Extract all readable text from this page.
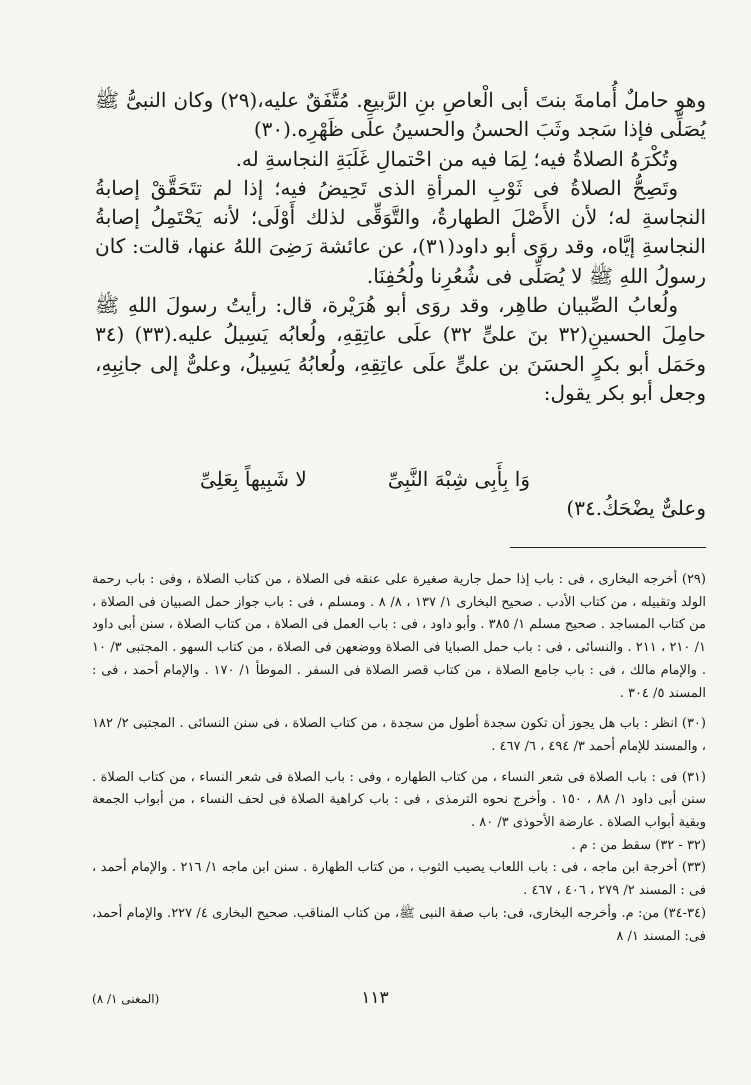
وهو حاملٌ أُمامةَ بنتَ أبى الْعاصِ بنِ الرَّبيعِ. مُتَّفَقٌ عليه،(٢٩) وكان النبىُّ ﷺ يُصَلِّى فإذا سَجد وثَبَ الحسنُ والحسينُ علَى ظَهْرِه.(٣٠)

وتُكْرَهُ الصلاةُ فيه؛ لِمَا فيه من احْتمالِ غَلَبَةِ النجاسةِ له.

وتَصِحُّ الصلاةُ فى ثَوْبِ المرأةِ الذى تَحِيضُ فيه؛ إذا لم تتَحَقَّقْ إصابةُ النجاسةِ له؛ لأن الأَصْلَ الطهارةُ، والتَّوَقِّى لذلك أَوْلَى؛ لأنه يَحْتَمِلُ إصابةُ النجاسةِ إيَّاه، وقد روَى أبو داود(٣١)، عن عائشة رَضِىَ اللهُ عنها، قالت: كان رسولُ اللهِ ﷺ لا يُصَلِّى فى شُعُرِنا ولُحُفِنَا.

ولُعابُ الصِّبيان طاهِر، وقد روَى أبو هُرَيْرة، قال: رأيتُ رسولَ اللهِ ﷺ حامِلَ الحسينِ(٣٢ بنَ علىٍّ ٣٢) علَى عاتِقِهِ، ولُعابُه يَسِيلُ عليه.(٣٣) (٣٤ وحَمَل أبو بكرٍ الحسَنَ بن علىٍّ علَى عاتِقِهِ، ولُعابُهُ يَسِيلُ، وعلىٌّ إلى جانِبِهِ، وجعل أبو بكر يقول:

وَا بِأَبِى شِبْهَ النَّبِىِّ
لا شَبِيهاً بِعَلِىِّ
وعلىٌّ يضْحَكُ.٣٤)

(٢٩) أخرجه البخارى ، فى : باب إذا حمل جارية صغيرة على عنقه فى الصلاة ، من كتاب الصلاة ، وفى : باب رحمة الولد وتقبيله ، من كتاب الأدب . صحيح البخارى ١/ ١٣٧ ، ٨/ ٨ . ومسلم ، فى : باب جواز حمل الصبيان فى الصلاة ، من كتاب المساجد . صحيح مسلم ١/ ٣٨٥ . وأبو داود ، فى : باب العمل فى الصلاة ، من كتاب الصلاة ، سنن أبى داود ١/ ٢١٠ ، ٢١١ . والنسائى ، فى : باب حمل الصبايا فى الصلاة ووضعهن فى الصلاة ، من كتاب السهو . المجتبى ٣/ ١٠ . والإمام مالك ، فى : باب جامع الصلاة ، من كتاب قصر الصلاة فى السفر . الموطأ ١/ ١٧٠ . والإمام أحمد ، فى : المسند ٥/ ٣٠٤ .

(٣٠) انظر : باب هل يجوز أن تكون سجدة أطول من سجدة ، من كتاب الصلاة ، فى سنن النسائى . المجتبى ٢/ ١٨٢ ، والمسند للإمام أحمد ٣/ ٤٩٤ ، ٦/ ٤٦٧ .

(٣١) فى : باب الصلاة فى شعر النساء ، من كتاب الطهاره ، وفى : باب الصلاة فى شعر النساء ، من كتاب الصلاة . سنن أبى داود ١/ ٨٨ ، ١٥٠ . وأخرج نحوه الترمذى ، فى : باب كراهية الصلاة فى لحف النساء ، من أبواب الجمعة وبقية أبواب الصلاة . عارضة الأحوذى ٣/ ٨٠ .

(٣٢ - ٣٢) سقط من : م .

(٣٣) أخرجة ابن ماجه ، فى : باب اللعاب يصيب الثوب ، من كتاب الطهارة . سنن ابن ماجه ١/ ٢١٦ . والإمام أحمد ، فى : المسند ٢/ ٢٧٩ ، ٤٠٦ ، ٤٦٧ .

(٣٤-٣٤) من: م. وأخرجه البخارى، فى: باب صفة النبى ﷺ، من كتاب المناقب. صحيح البخارى ٤/ ٢٢٧. والإمام أحمد، فى: المسند ١/ ٨

١١٣
(المغنى ١/ ٨)
